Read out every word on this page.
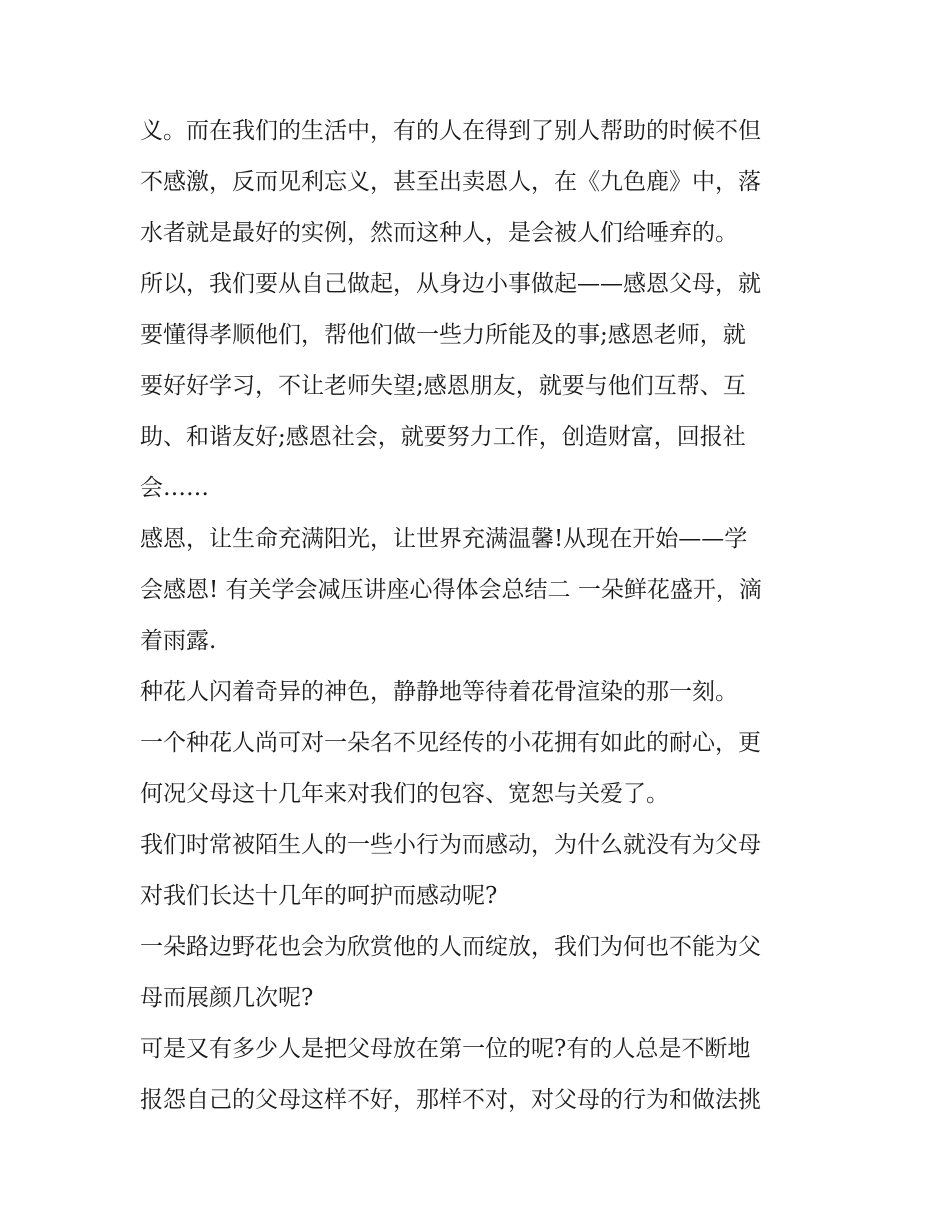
义。而在我们的生活中，有的人在得到了别人帮助的时候不但
不感激，反而见利忘义，甚至出卖恩人，在《九色鹿》中，落
水者就是最好的实例，然而这种人，是会被人们给唾弃的。
所以，我们要从自己做起，从身边小事做起——感恩父母，就
要懂得孝顺他们，帮他们做一些力所能及的事;感恩老师，就
要好好学习，不让老师失望;感恩朋友，就要与他们互帮、互
助、和谐友好;感恩社会，就要努力工作，创造财富，回报社
会……
感恩，让生命充满阳光，让世界充满温馨!从现在开始——学
会感恩! 有关学会减压讲座心得体会总结二 一朵鲜花盛开，滴
着雨露.
种花人闪着奇异的神色，静静地等待着花骨渲染的那一刻。
一个种花人尚可对一朵名不见经传的小花拥有如此的耐心，更
何况父母这十几年来对我们的包容、宽恕与关爱了。
我们时常被陌生人的一些小行为而感动，为什么就没有为父母
对我们长达十几年的呵护而感动呢?
一朵路边野花也会为欣赏他的人而绽放，我们为何也不能为父
母而展颜几次呢?
可是又有多少人是把父母放在第一位的呢?有的人总是不断地
报怨自己的父母这样不好，那样不对，对父母的行为和做法挑
